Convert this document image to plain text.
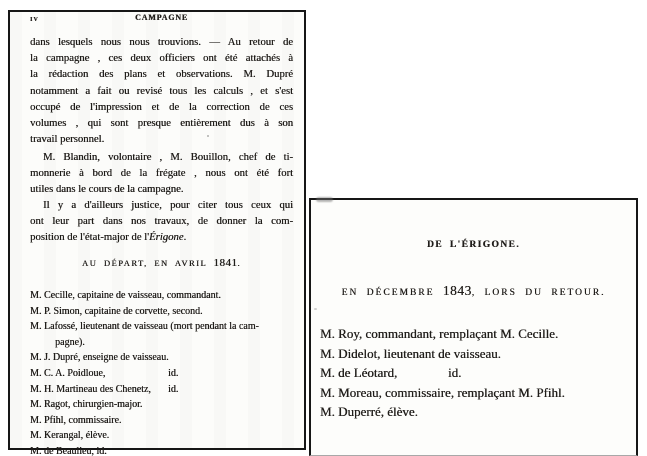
iv	CAMPAGNE
dans lesquels nous nous trouvions. — Au retour de
la campagne , ces deux officiers ont été attachés à
la rédaction des plans et observations. M. Dupré
notamment a fait ou revisé tous les calculs , et s'est
occupé de l'impression et de la correction de ces
volumes , qui sont presque entièrement dus à son
travail personnel.
M. Blandin, volontaire , M. Bouillon, chef de ti-
monnerie à bord de la frégate , nous ont été fort
utiles dans le cours de la campagne.
Il y a d'ailleurs justice, pour citer tous ceux qui
ont leur part dans nos travaux, de donner la com-
position de l'état-major de l'Érigone.
AU DÉPART, EN AVRIL 1841.
M. Cecille, capitaine de vaisseau, commandant.
M. P. Simon, capitaine de corvette, second.
M. Lafossé, lieutenant de vaisseau (mort pendant la cam-
pagne).
M. J. Dupré, enseigne de vaisseau.
M. C. A. Poidloue,	id.
M. H. Martineau des Chenetz, id.
M. Ragot, chirurgien-major.
M. Pfihl, commissaire.
M. Kerangal, élève.
M. de Beaulieu, id.
DE L'ÉRIGONE.
EN DÉCEMBRE 1843, LORS DU RETOUR.
M. Roy, commandant, remplaçant M. Cecille.
M. Didelot, lieutenant de vaisseau.
M. de Léotard,	id.
M. Moreau, commissaire, remplaçant M. Pfihl.
M. Duperré, élève.
